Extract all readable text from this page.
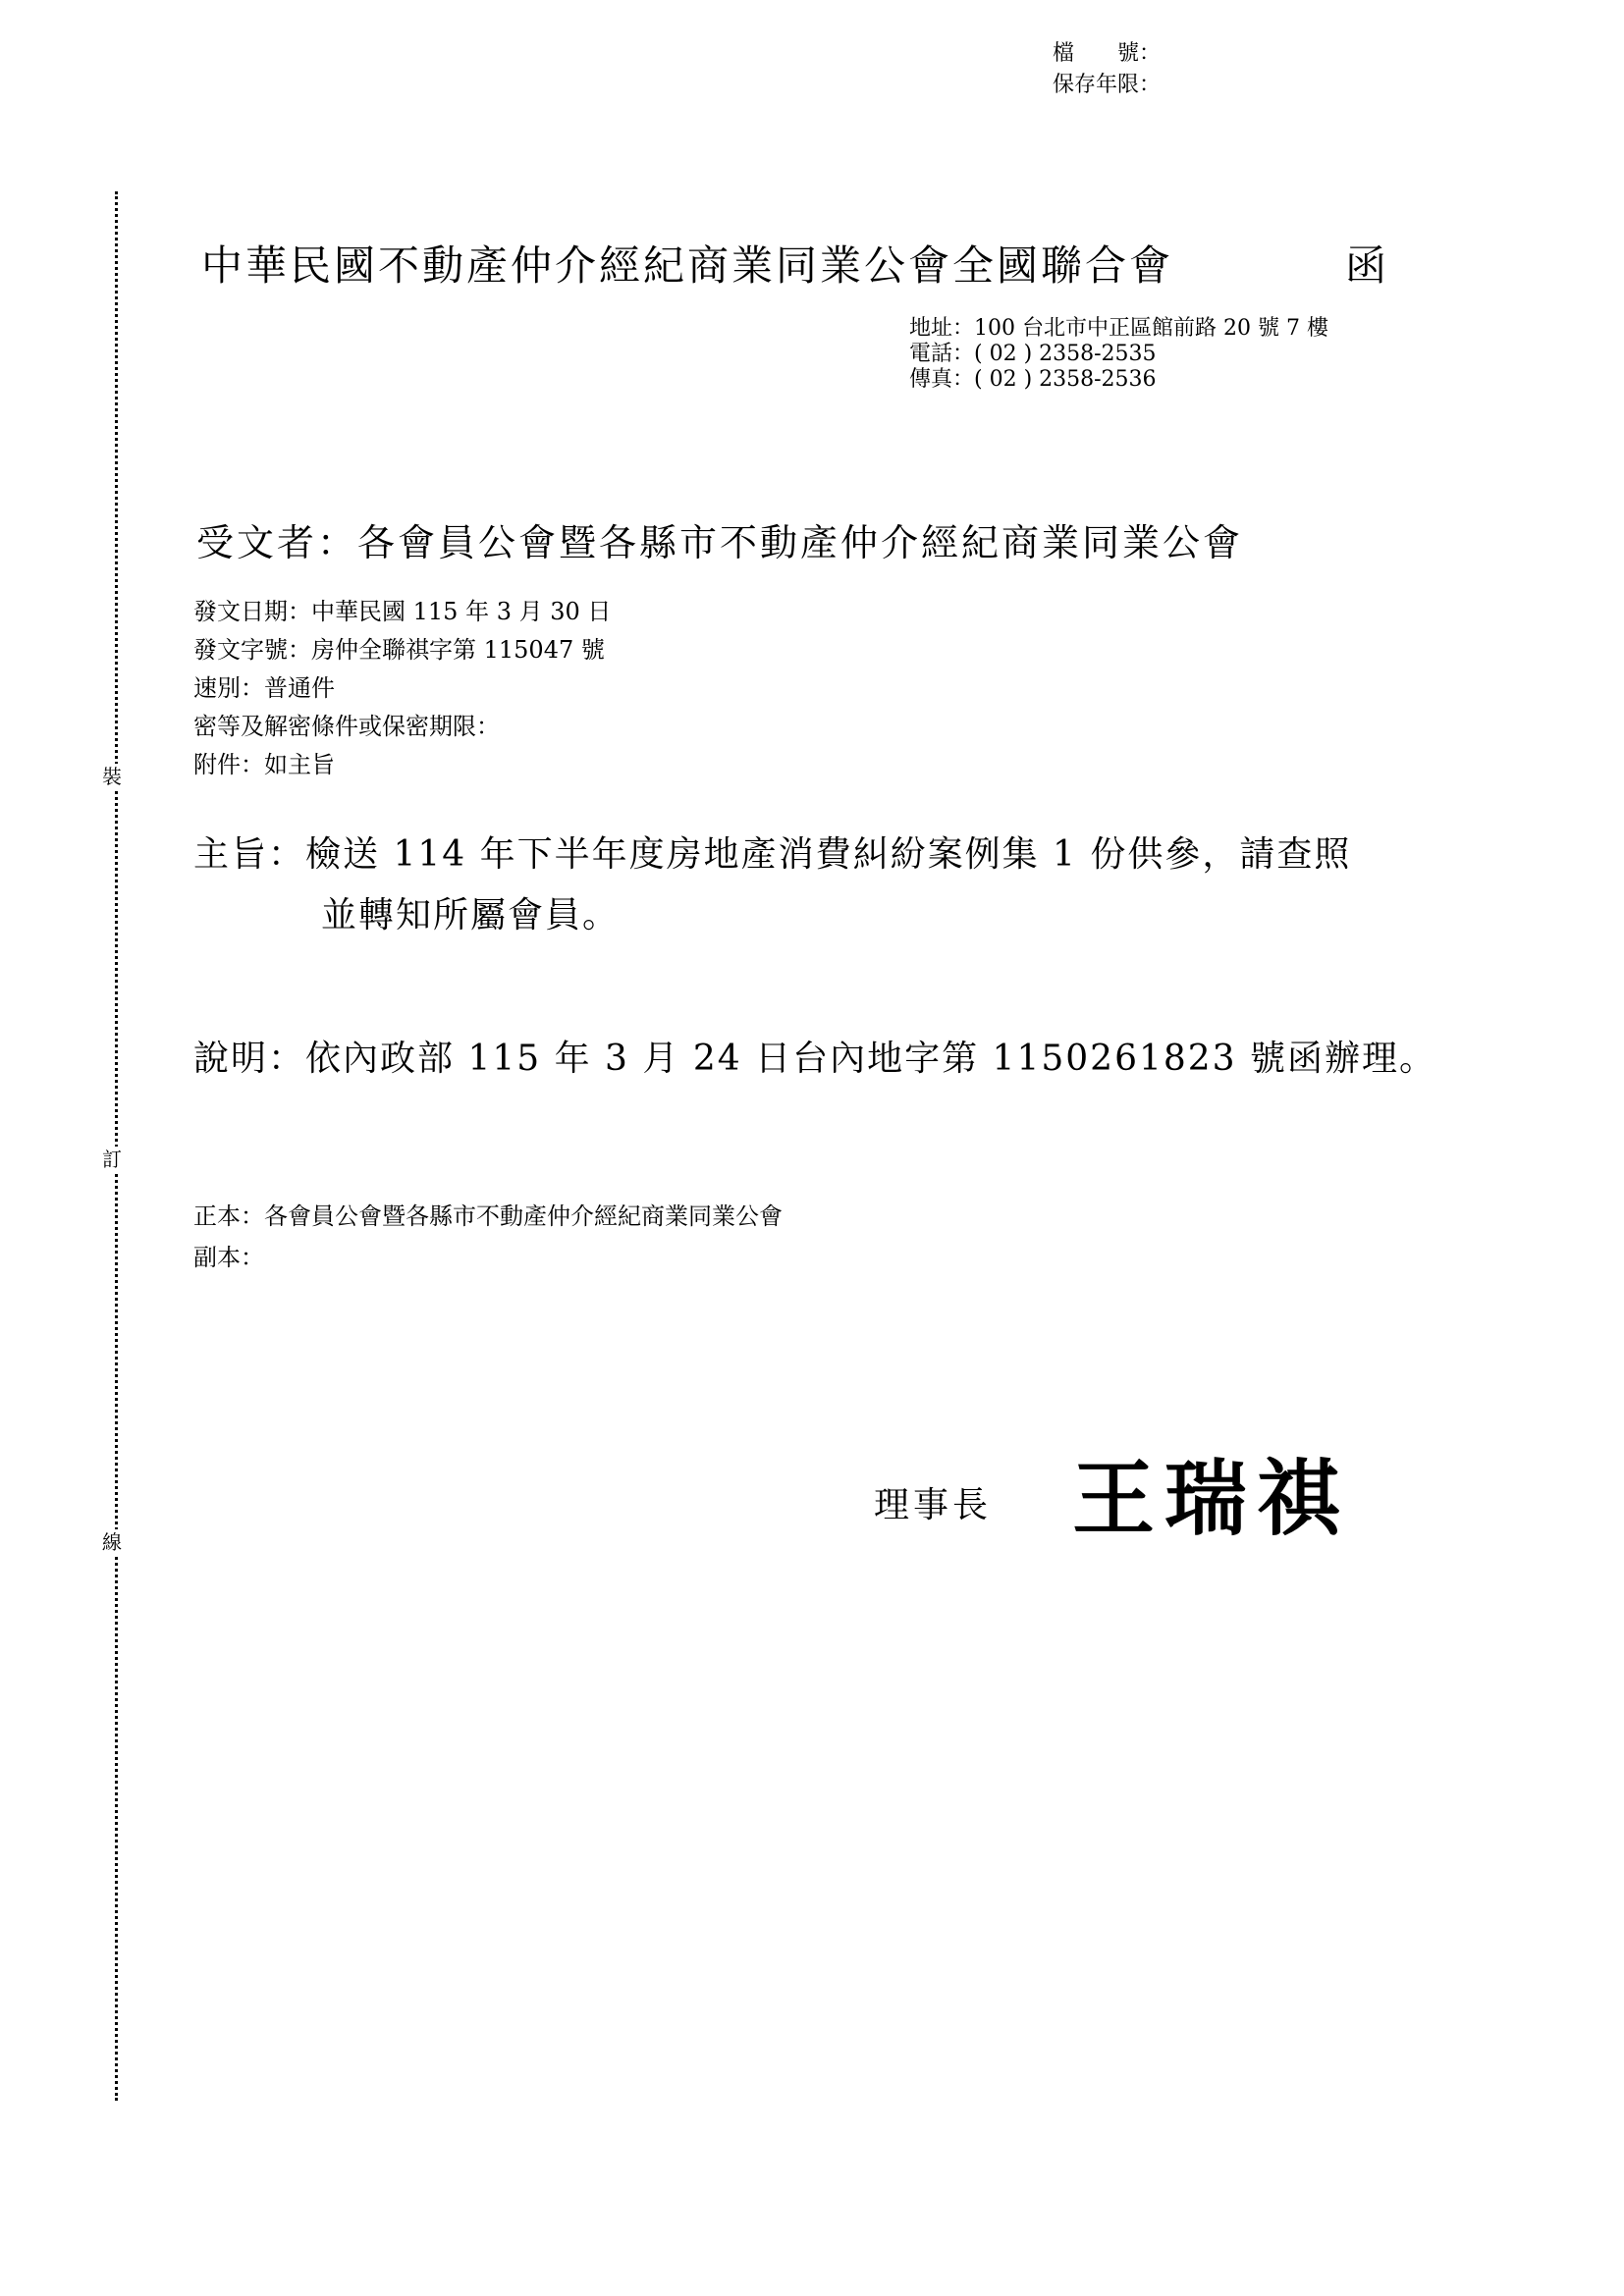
裝
訂
線
檔　　號：
保存年限：
中華民國不動產仲介經紀商業同業公會全國聯合會	函
地址：100 台北市中正區館前路 20 號 7 樓
電話：( 02 ) 2358-2535
傳真：( 02 ) 2358-2536
受文者：各會員公會暨各縣市不動產仲介經紀商業同業公會
發文日期：中華民國 115 年 3 月 30 日
發文字號：房仲全聯祺字第 115047 號
速別：普通件
密等及解密條件或保密期限：
附件：如主旨
主旨：檢送 114 年下半年度房地產消費糾紛案例集 1 份供參，請查照
並轉知所屬會員。
說明：依內政部 115 年 3 月 24 日台內地字第 1150261823 號函辦理。
正本：各會員公會暨各縣市不動產仲介經紀商業同業公會
副本：
理事長 王瑞祺
